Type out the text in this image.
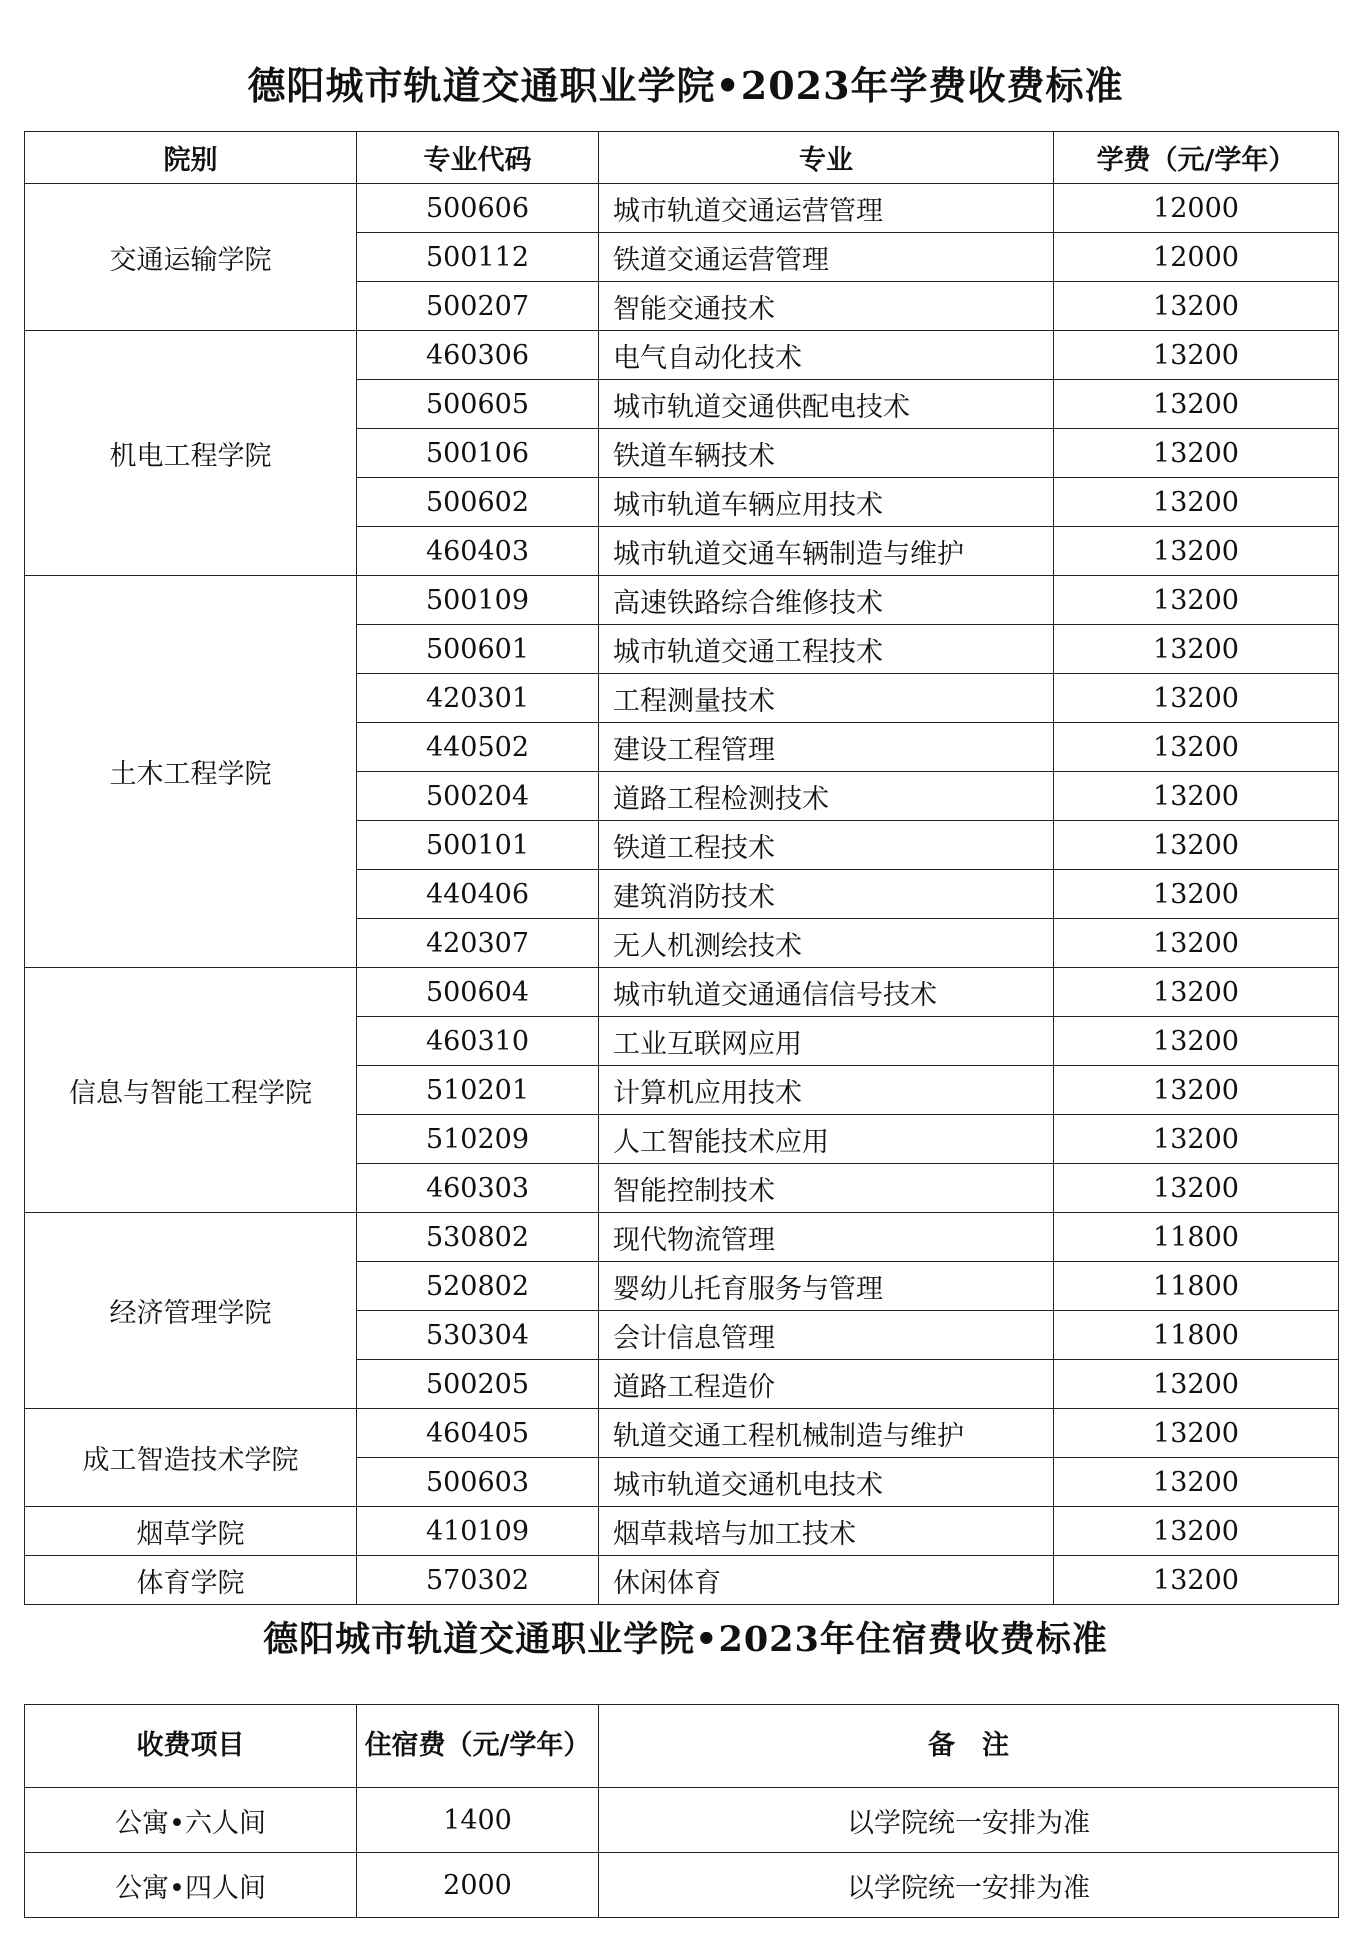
德阳城市轨道交通职业学院•2023年学费收费标准
院别	专业代码	专业	学费（元/学年）
交通运输学院	500606	城市轨道交通运营管理	12000
	500112	铁道交通运营管理	12000
	500207	智能交通技术	13200
机电工程学院	460306	电气自动化技术	13200
	500605	城市轨道交通供配电技术	13200
	500106	铁道车辆技术	13200
	500602	城市轨道车辆应用技术	13200
	460403	城市轨道交通车辆制造与维护	13200
土木工程学院	500109	高速铁路综合维修技术	13200
	500601	城市轨道交通工程技术	13200
	420301	工程测量技术	13200
	440502	建设工程管理	13200
	500204	道路工程检测技术	13200
	500101	铁道工程技术	13200
	440406	建筑消防技术	13200
	420307	无人机测绘技术	13200
信息与智能工程学院	500604	城市轨道交通通信信号技术	13200
	460310	工业互联网应用	13200
	510201	计算机应用技术	13200
	510209	人工智能技术应用	13200
	460303	智能控制技术	13200
经济管理学院	530802	现代物流管理	11800
	520802	婴幼儿托育服务与管理	11800
	530304	会计信息管理	11800
	500205	道路工程造价	13200
成工智造技术学院	460405	轨道交通工程机械制造与维护	13200
	500603	城市轨道交通机电技术	13200
烟草学院	410109	烟草栽培与加工技术	13200
体育学院	570302	休闲体育	13200
德阳城市轨道交通职业学院•2023年住宿费收费标准
收费项目	住宿费（元/学年）	备　注
公寓•六人间	1400	以学院统一安排为准
公寓•四人间	2000	以学院统一安排为准
